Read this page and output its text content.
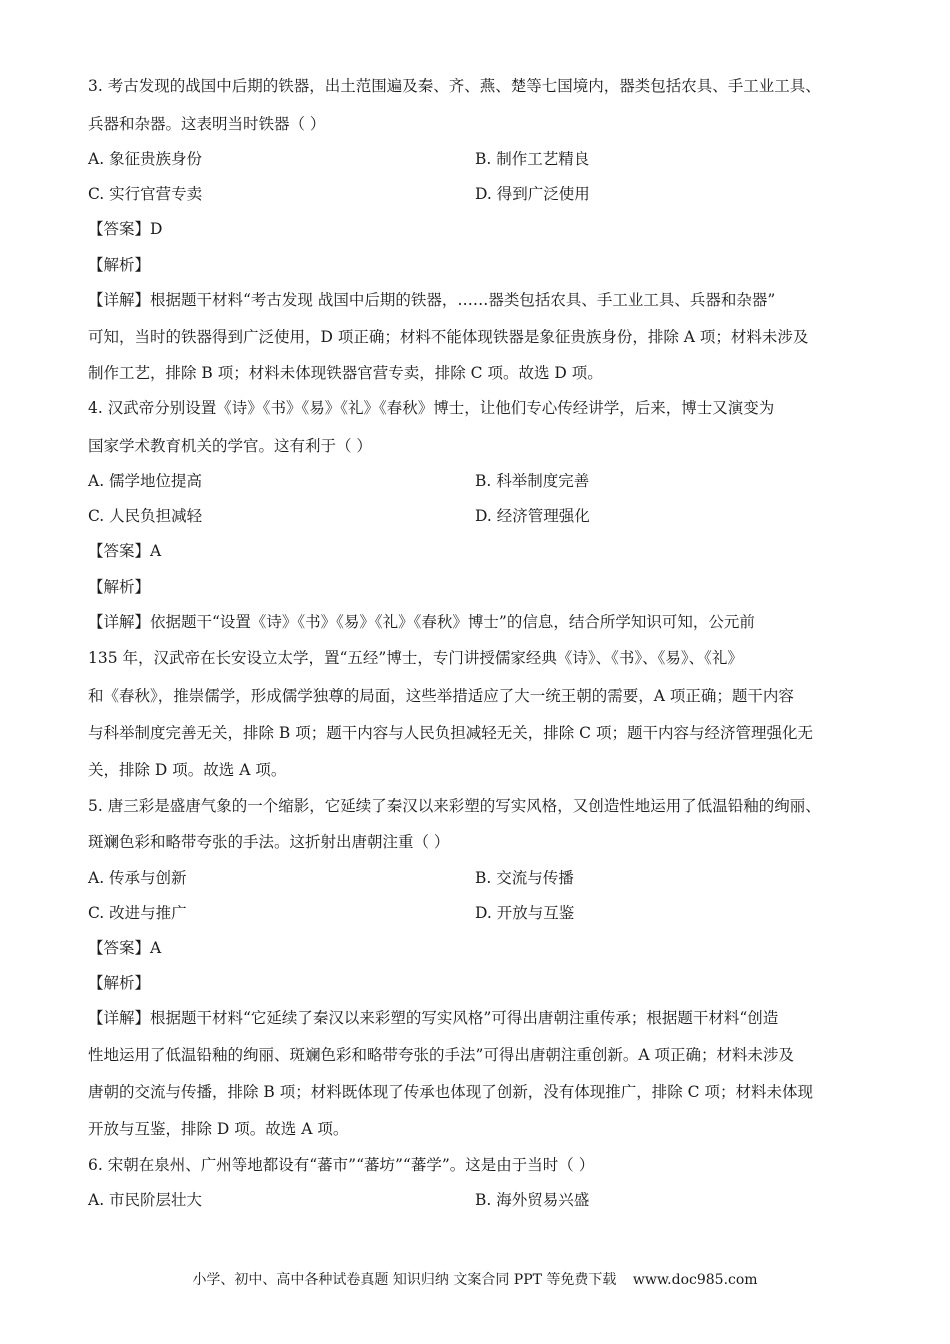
3. 考古发现的战国中后期的铁器，出土范围遍及秦、齐、燕、楚等七国境内，器类包括农具、手工业工具、
兵器和杂器。这表明当时铁器（ ）
A. 象征贵族身份	B. 制作工艺精良
C. 实行官营专卖	D. 得到广泛使用
【答案】D
【解析】
【详解】根据题干材料“考古发现 战国中后期的铁器，……器类包括农具、手工业工具、兵器和杂器”
可知，当时的铁器得到广泛使用，D 项正确；材料不能体现铁器是象征贵族身份，排除 A 项；材料未涉及
制作工艺，排除 B 项；材料未体现铁器官营专卖，排除 C 项。故选 D 项。
4. 汉武帝分别设置《诗》《书》《易》《礼》《春秋》博士，让他们专心传经讲学，后来，博士又演变为
国家学术教育机关的学官。这有利于（ ）
A. 儒学地位提高	B. 科举制度完善
C. 人民负担减轻	D. 经济管理强化
【答案】A
【解析】
【详解】依据题干“设置《诗》《书》《易》《礼》《春秋》博士”的信息，结合所学知识可知，公元前
135 年，汉武帝在长安设立太学，置“五经”博士，专门讲授儒家经典《诗》、《书》、《易》、《礼》
和《春秋》，推崇儒学，形成儒学独尊的局面，这些举措适应了大一统王朝的需要，A 项正确；题干内容
与科举制度完善无关，排除 B 项；题干内容与人民负担减轻无关，排除 C 项；题干内容与经济管理强化无
关，排除 D 项。故选 A 项。
5. 唐三彩是盛唐气象的一个缩影，它延续了秦汉以来彩塑的写实风格，又创造性地运用了低温铅釉的绚丽、
斑斓色彩和略带夸张的手法。这折射出唐朝注重（ ）
A. 传承与创新	B. 交流与传播
C. 改进与推广	D. 开放与互鉴
【答案】A
【解析】
【详解】根据题干材料“它延续了秦汉以来彩塑的写实风格”可得出唐朝注重传承；根据题干材料“创造
性地运用了低温铅釉的绚丽、斑斓色彩和略带夸张的手法”可得出唐朝注重创新。A 项正确；材料未涉及
唐朝的交流与传播，排除 B 项；材料既体现了传承也体现了创新，没有体现推广，排除 C 项；材料未体现
开放与互鉴，排除 D 项。故选 A 项。
6. 宋朝在泉州、广州等地都设有“蕃市”“蕃坊”“蕃学”。这是由于当时（ ）
A. 市民阶层壮大	B. 海外贸易兴盛
小学、初中、高中各种试卷真题 知识归纳 文案合同 PPT 等免费下载 www.doc985.com
